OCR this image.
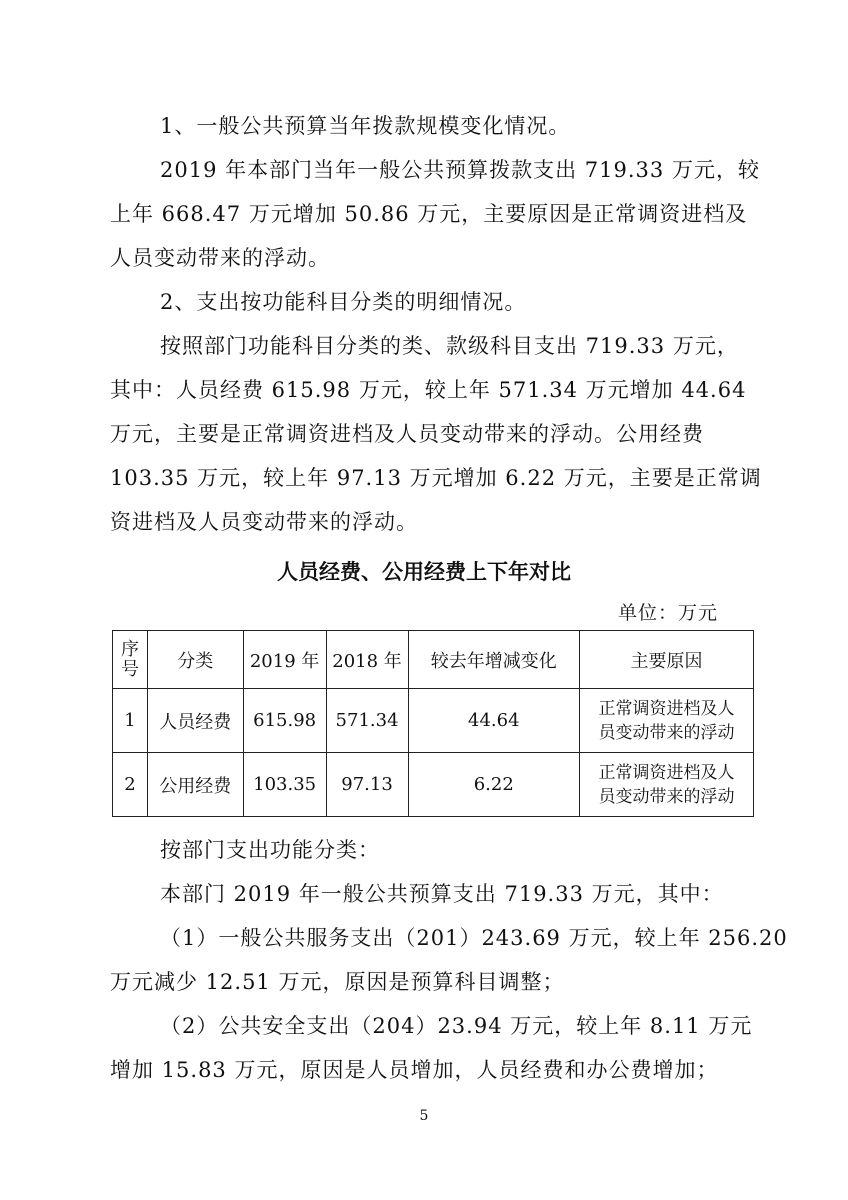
1、一般公共预算当年拨款规模变化情况。
2019 年本部门当年一般公共预算拨款支出 719.33 万元，较
上年 668.47 万元增加 50.86 万元，主要原因是正常调资进档及
人员变动带来的浮动。
2、支出按功能科目分类的明细情况。
按照部门功能科目分类的类、款级科目支出 719.33 万元，
其中：人员经费 615.98 万元，较上年 571.34 万元增加 44.64
万元，主要是正常调资进档及人员变动带来的浮动。公用经费
103.35 万元，较上年 97.13 万元增加 6.22 万元，主要是正常调
资进档及人员变动带来的浮动。
人员经费、公用经费上下年对比
单位：万元
序号	分类	2019 年	2018 年	较去年增减变化	主要原因
1	人员经费	615.98	571.34	44.64	正常调资进档及人员变动带来的浮动
2	公用经费	103.35	97.13	6.22	正常调资进档及人员变动带来的浮动
按部门支出功能分类：
本部门 2019 年一般公共预算支出 719.33 万元，其中：
（1）一般公共服务支出（201）243.69 万元，较上年 256.20
万元减少 12.51 万元，原因是预算科目调整；
（2）公共安全支出（204）23.94 万元，较上年 8.11 万元
增加 15.83 万元，原因是人员增加，人员经费和办公费增加；
5
